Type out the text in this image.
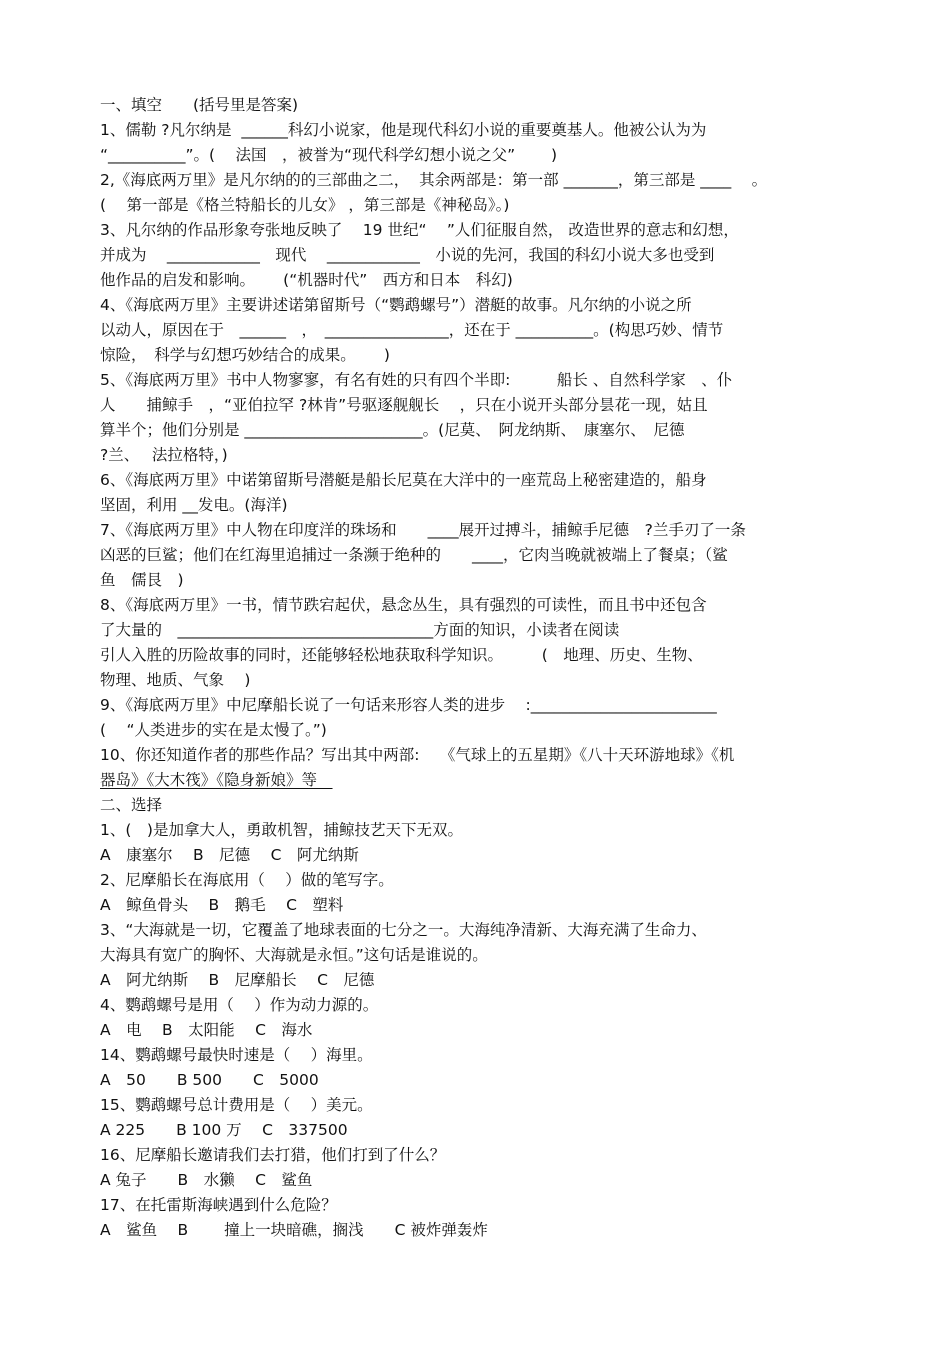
一、填空　　(括号里是答案)
1、儒勒 ?凡尔纳是  ______科幻小说家，他是现代科幻小说的重要奠基人。他被公认为为
“__________”。(　 法国　，被誉为“现代科学幻想小说之父”　　 )
2,《海底两万里》是凡尔纳的的三部曲之二，  其余两部是：第一部 _______，第三部是 ____　 。
(　 第一部是《格兰特船长的儿女》 ，第三部是《神秘岛》。)
3、凡尔纳的作品形象夸张地反映了　 19 世纪“　 ”人们征服自然， 改造世界的意志和幻想，
并成为　 ____________　现代　 ____________　小说的先河，我国的科幻小说大多也受到
他作品的启发和影响。　 　(“机器时代”　西方和日本　科幻)
4、《海底两万里》主要讲述诺第留斯号（“鹦鹉螺号”）潜艇的故事。凡尔纳的小说之所
以动人，原因在于　______　，　________________，还在于 __________。(构思巧妙、情节
惊险，　科学与幻想巧妙结合的成果。　 　)
5、《海底两万里》书中人物寥寥，有名有姓的只有四个半即:　　　船长 、自然科学家　、仆
人　　捕鲸手　，“亚伯拉罕 ?林肯”号驱逐舰舰长　 ，只在小说开头部分昙花一现，姑且
算半个；他们分别是 _______________________。(尼莫、　阿龙纳斯、　康塞尔、　尼德
?兰、　 法拉格特，)
6、《海底两万里》中诺第留斯号潜艇是船长尼莫在大洋中的一座荒岛上秘密建造的，船身
坚固，利用 __发电。(海洋)
7、《海底两万里》中人物在印度洋的珠场和　　____展开过搏斗，捕鲸手尼德　?兰手刃了一条
凶恶的巨鲨；他们在红海里追捕过一条濒于绝种的　　____，它肉当晚就被端上了餐桌；（鲨
鱼　儒艮　)
8、《海底两万里》一书，情节跌宕起伏，悬念丛生，具有强烈的可读性，而且书中还包含
了大量的　_________________________________方面的知识，小读者在阅读
引人入胜的历险故事的同时，还能够轻松地获取科学知识。　　　(　地理、历史、生物、
物理、地质、气象　 )
9、《海底两万里》中尼摩船长说了一句话来形容人类的进步　 :________________________
(　 “人类进步的实在是太慢了。”)
10、你还知道作者的那些作品？写出其中两部:　 《气球上的五星期》《八十天环游地球》《机
器岛》《大木筏》《隐身新娘》等　
二、选择
1、(　)是加拿大人，勇敢机智，捕鲸技艺天下无双。
A　康塞尔　 B　尼德　 C　阿尤纳斯
2、尼摩船长在海底用（　 ）做的笔写字。
A　鲸鱼骨头　 B　鹅毛　 C　塑料
3、“大海就是一切，它覆盖了地球表面的七分之一。大海纯净清新、大海充满了生命力、
大海具有宽广的胸怀、大海就是永恒。”这句话是谁说的。
A　阿尤纳斯　 B　尼摩船长　 C　尼德
4、鹦鹉螺号是用（　 ）作为动力源的。
A　电　 B　太阳能　 C　海水
14、鹦鹉螺号最快时速是（　 ）海里。
A　50　　B 500　　C　5000
15、鹦鹉螺号总计费用是（　 ）美元。
A 225　　B 100 万　 C　337500
16、尼摩船长邀请我们去打猎，他们打到了什么？
A 兔子　　B　水獭　 C　鲨鱼
17、在托雷斯海峡遇到什么危险？
A　鲨鱼　 B　　 撞上一块暗礁，搁浅　　C 被炸弹轰炸
